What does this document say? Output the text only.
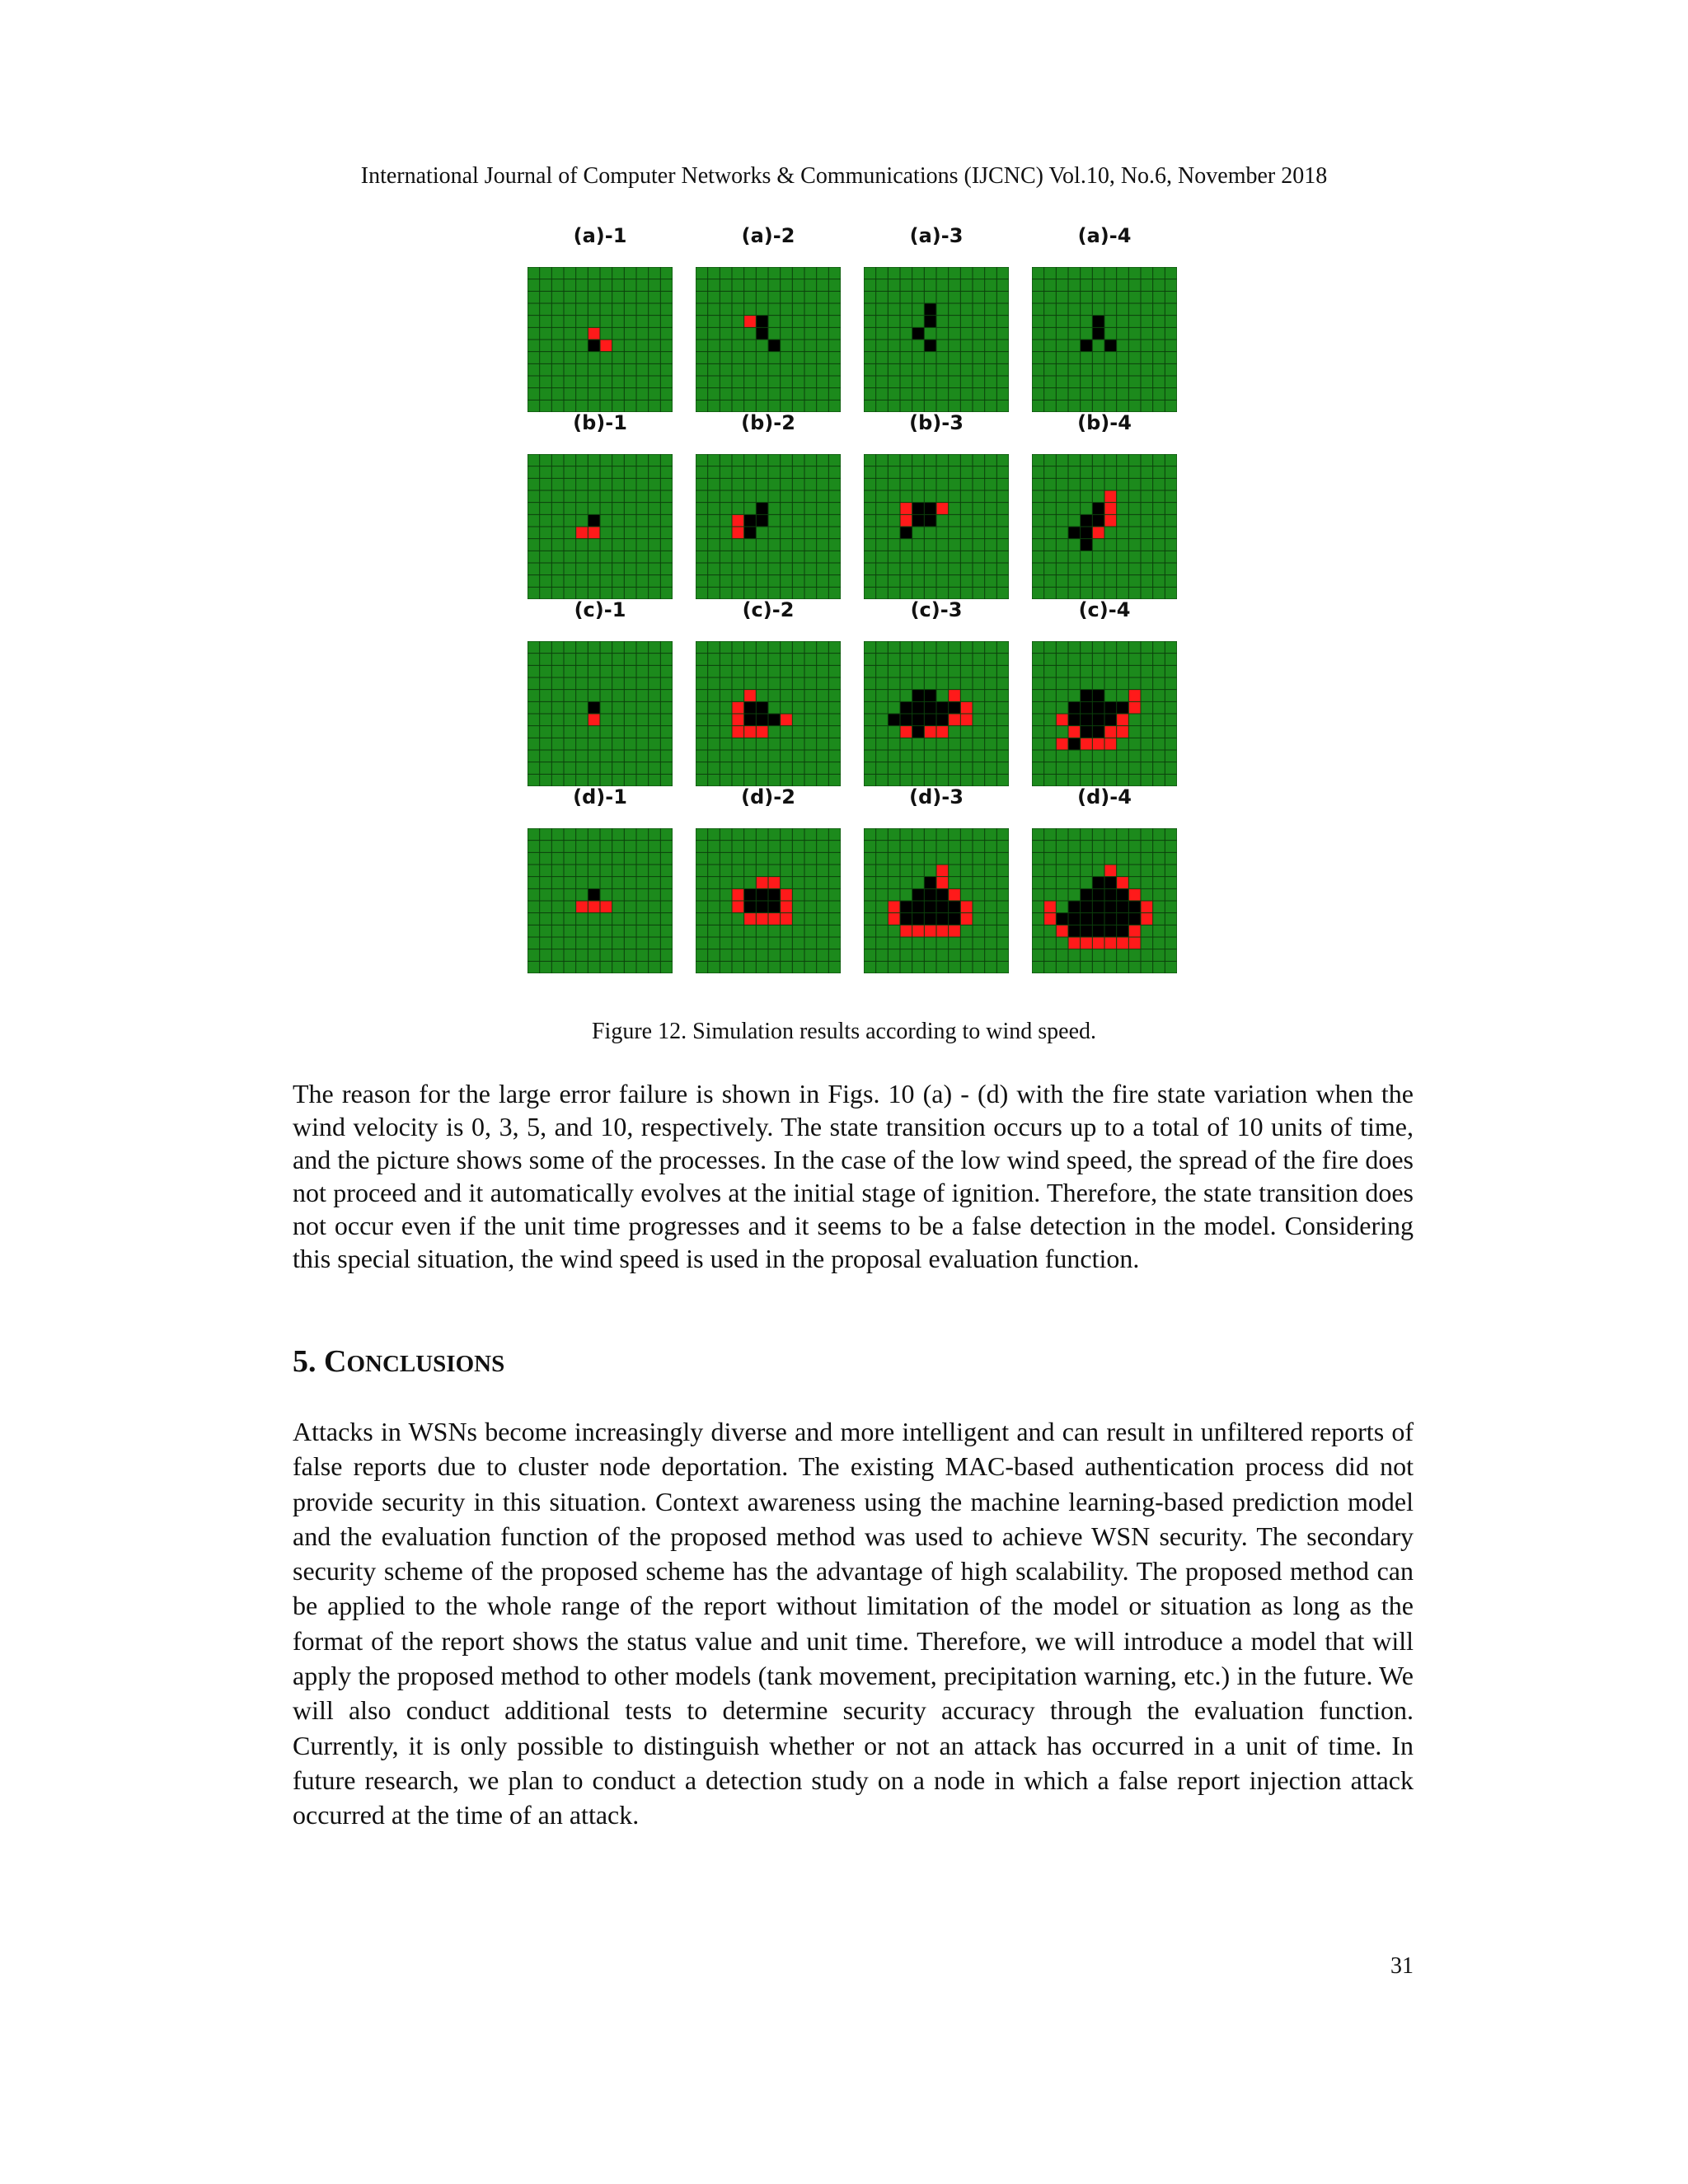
International Journal of Computer Networks & Communications (IJCNC) Vol.10, No.6, November 2018
(a)-1	(a)-2	(a)-3	(a)-4
(b)-1	(b)-2	(b)-3	(b)-4
(c)-1	(c)-2	(c)-3	(c)-4
(d)-1	(d)-2	(d)-3	(d)-4
Figure 12. Simulation results according to wind speed.

The reason for the large error failure is shown in Figs. 10 (a) - (d) with the fire state variation when the wind velocity is 0, 3, 5, and 10, respectively. The state transition occurs up to a total of 10 units of time, and the picture shows some of the processes. In the case of the low wind speed, the spread of the fire does not proceed and it automatically evolves at the initial stage of ignition. Therefore, the state transition does not occur even if the unit time progresses and it seems to be a false detection in the model. Considering this special situation, the wind speed is used in the proposal evaluation function.

5. CONCLUSIONS

Attacks in WSNs become increasingly diverse and more intelligent and can result in unfiltered reports of false reports due to cluster node deportation. The existing MAC-based authentication process did not provide security in this situation. Context awareness using the machine learning-based prediction model and the evaluation function of the proposed method was used to achieve WSN security. The secondary security scheme of the proposed scheme has the advantage of high scalability. The proposed method can be applied to the whole range of the report without limitation of the model or situation as long as the format of the report shows the status value and unit time. Therefore, we will introduce a model that will apply the proposed method to other models (tank movement, precipitation warning, etc.) in the future. We will also conduct additional tests to determine security accuracy through the evaluation function. Currently, it is only possible to distinguish whether or not an attack has occurred in a unit of time. In future research, we plan to conduct a detection study on a node in which a false report injection attack occurred at the time of an attack.

31
